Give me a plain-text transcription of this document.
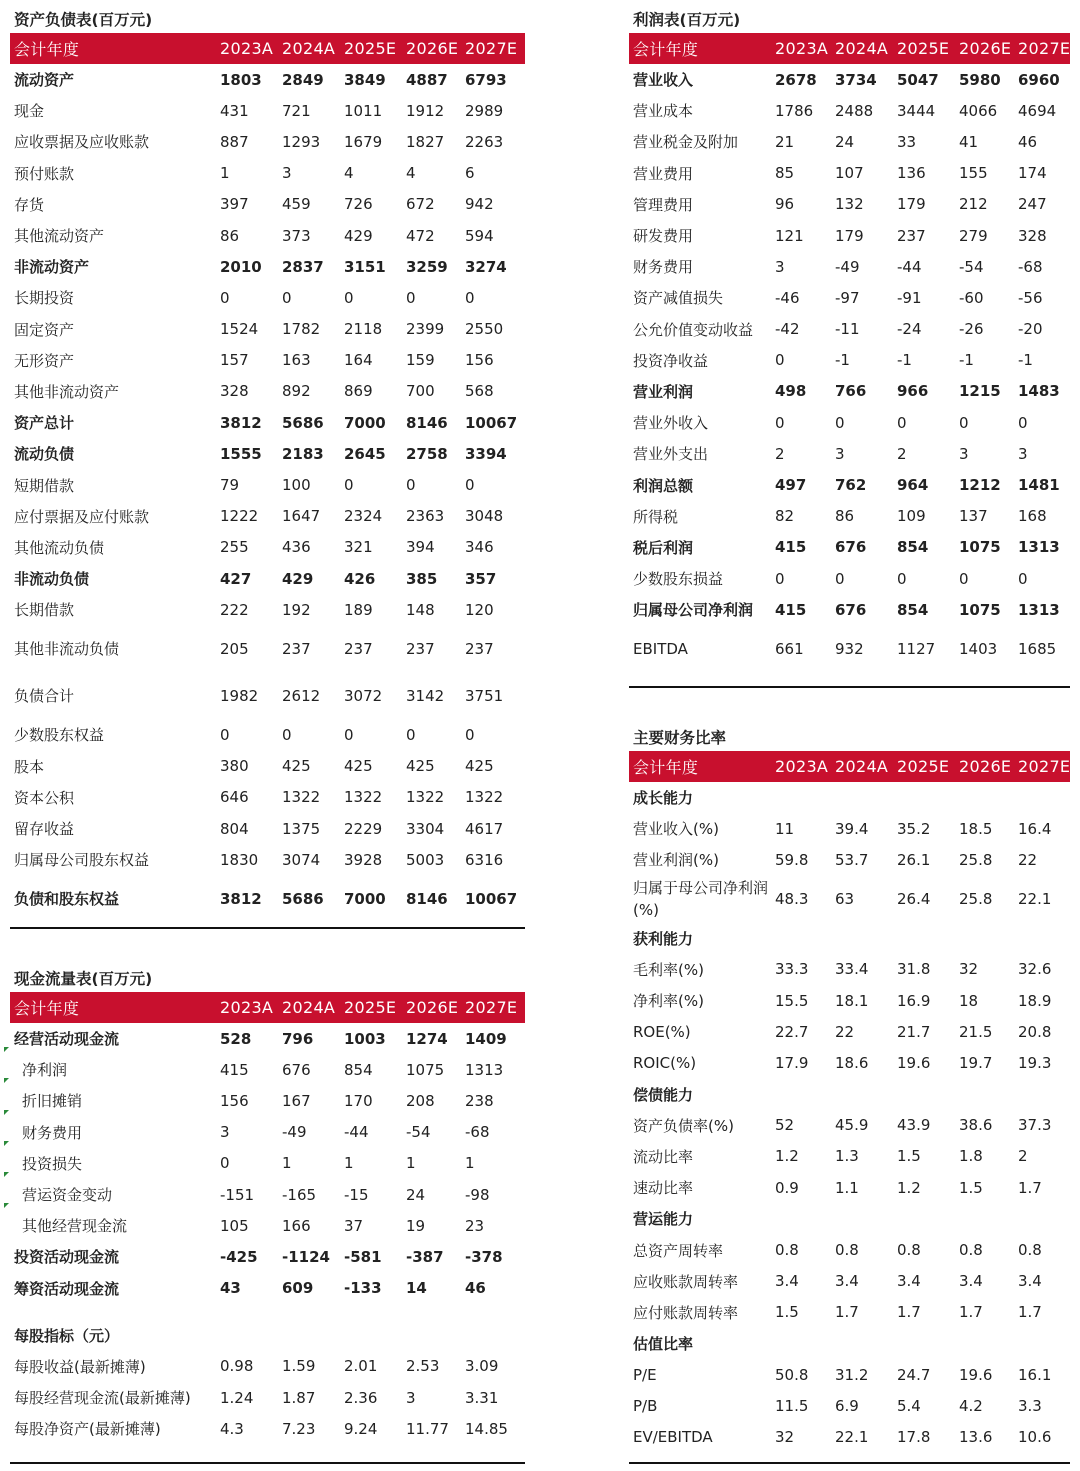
资产负债表(百万元)
会计年度	2023A	2024A	2025E	2026E	2027E
流动资产	1803	2849	3849	4887	6793
现金	431	721	1011	1912	2989
应收票据及应收账款	887	1293	1679	1827	2263
预付账款	1	3	4	4	6
存货	397	459	726	672	942
其他流动资产	86	373	429	472	594
非流动资产	2010	2837	3151	3259	3274
长期投资	0	0	0	0	0
固定资产	1524	1782	2118	2399	2550
无形资产	157	163	164	159	156
其他非流动资产	328	892	869	700	568
资产总计	3812	5686	7000	8146	10067
流动负债	1555	2183	2645	2758	3394
短期借款	79	100	0	0	0
应付票据及应付账款	1222	1647	2324	2363	3048
其他流动负债	255	436	321	394	346
非流动负债	427	429	426	385	357
长期借款	222	192	189	148	120
其他非流动负债	205	237	237	237	237
负债合计	1982	2612	3072	3142	3751
少数股东权益	0	0	0	0	0
股本	380	425	425	425	425
资本公积	646	1322	1322	1322	1322
留存收益	804	1375	2229	3304	4617
归属母公司股东权益	1830	3074	3928	5003	6316
负债和股东权益	3812	5686	7000	8146	10067
现金流量表(百万元)
会计年度	2023A	2024A	2025E	2026E	2027E
经营活动现金流	528	796	1003	1274	1409
净利润	415	676	854	1075	1313
折旧摊销	156	167	170	208	238
财务费用	3	-49	-44	-54	-68
投资损失	0	1	1	1	1
营运资金变动	-151	-165	-15	24	-98
其他经营现金流	105	166	37	19	23
投资活动现金流	-425	-1124	-581	-387	-378
筹资活动现金流	43	609	-133	14	46

每股指标（元）					
每股收益(最新摊薄)	0.98	1.59	2.01	2.53	3.09
每股经营现金流(最新摊薄)	1.24	1.87	2.36	3	3.31
每股净资产(最新摊薄)	4.3	7.23	9.24	11.77	14.85
利润表(百万元)
会计年度	2023A	2024A	2025E	2026E	2027E
营业收入	2678	3734	5047	5980	6960
营业成本	1786	2488	3444	4066	4694
营业税金及附加	21	24	33	41	46
营业费用	85	107	136	155	174
管理费用	96	132	179	212	247
研发费用	121	179	237	279	328
财务费用	3	-49	-44	-54	-68
资产减值损失	-46	-97	-91	-60	-56
公允价值变动收益	-42	-11	-24	-26	-20
投资净收益	0	-1	-1	-1	-1
营业利润	498	766	966	1215	1483
营业外收入	0	0	0	0	0
营业外支出	2	3	2	3	3
利润总额	497	762	964	1212	1481
所得税	82	86	109	137	168
税后利润	415	676	854	1075	1313
少数股东损益	0	0	0	0	0
归属母公司净利润	415	676	854	1075	1313
EBITDA	661	932	1127	1403	1685
主要财务比率
会计年度	2023A	2024A	2025E	2026E	2027E
成长能力					
营业收入(%)	11	39.4	35.2	18.5	16.4
营业利润(%)	59.8	53.7	26.1	25.8	22
归属于母公司净利润(%)	48.3	63	26.4	25.8	22.1
获利能力					
毛利率(%)	33.3	33.4	31.8	32	32.6
净利率(%)	15.5	18.1	16.9	18	18.9
ROE(%)	22.7	22	21.7	21.5	20.8
ROIC(%)	17.9	18.6	19.6	19.7	19.3
偿债能力					
资产负债率(%)	52	45.9	43.9	38.6	37.3
流动比率	1.2	1.3	1.5	1.8	2
速动比率	0.9	1.1	1.2	1.5	1.7
营运能力					
总资产周转率	0.8	0.8	0.8	0.8	0.8
应收账款周转率	3.4	3.4	3.4	3.4	3.4
应付账款周转率	1.5	1.7	1.7	1.7	1.7
估值比率					
P/E	50.8	31.2	24.7	19.6	16.1
P/B	11.5	6.9	5.4	4.2	3.3
EV/EBITDA	32	22.1	17.8	13.6	10.6
